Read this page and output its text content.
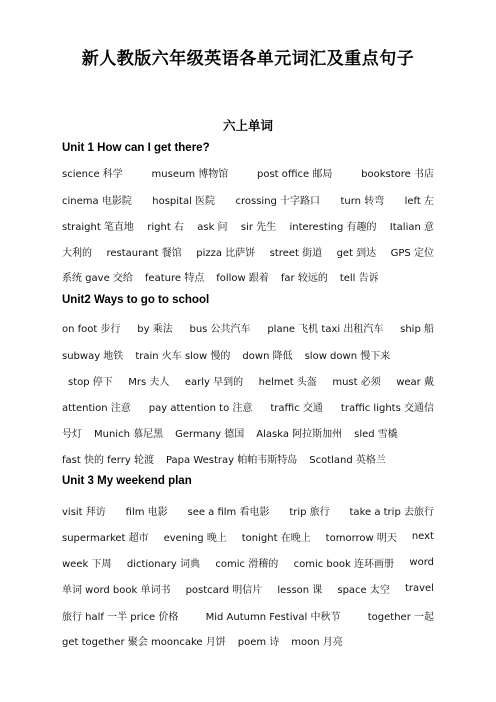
新人教版六年级英语各单元词汇及重点句子
六上单词
Unit 1 How can I get there?
science 科学	museum 博物馆	post office 邮局	bookstore 书店
cinema 电影院 hospital 医院 crossing 十字路口 turn 转弯 left 左
straight 笔直地 right 右 ask 问 sir 先生 interesting 有趣的 Italian 意
大利的 restaurant 餐馆 pizza 比萨饼 street 街道 get 到达 GPS 定位
系统 gave 交给 feature 特点 follow 跟着 far 较远的 tell 告诉
Unit2 Ways to go to school
on foot 步行 by 乘法 bus 公共汽车 plane 飞机 taxi 出租汽车 ship 船
subway 地铁 train 火车 slow 慢的 down 降低 slow down 慢下来
stop 停下 Mrs 夫人 early 早到的 helmet 头盔 must 必须 wear 戴
attention 注意 pay attention to 注意 traffic 交通 traffic lights 交通信
号灯 Munich 慕尼黑 Germany 德国 Alaska 阿拉斯加州 sled 雪橇
fast 快的 ferry 轮渡 Papa Westray 帕帕韦斯特岛 Scotland 英格兰
Unit 3 My weekend plan
visit 拜访 film 电影 see a film 看电影 trip 旅行 take a trip 去旅行
supermarket 超市 evening 晚上 tonight 在晚上 tomorrow 明天 next
week 下周 dictionary 词典 comic 滑稽的 comic book 连环画册 word
单词 word book 单词书 postcard 明信片 lesson 课 space 太空 travel
旅行 half 一半 price 价格	Mid Autumn Festival 中秋节	together 一起
get together 聚会 mooncake 月饼 poem 诗 moon 月亮
